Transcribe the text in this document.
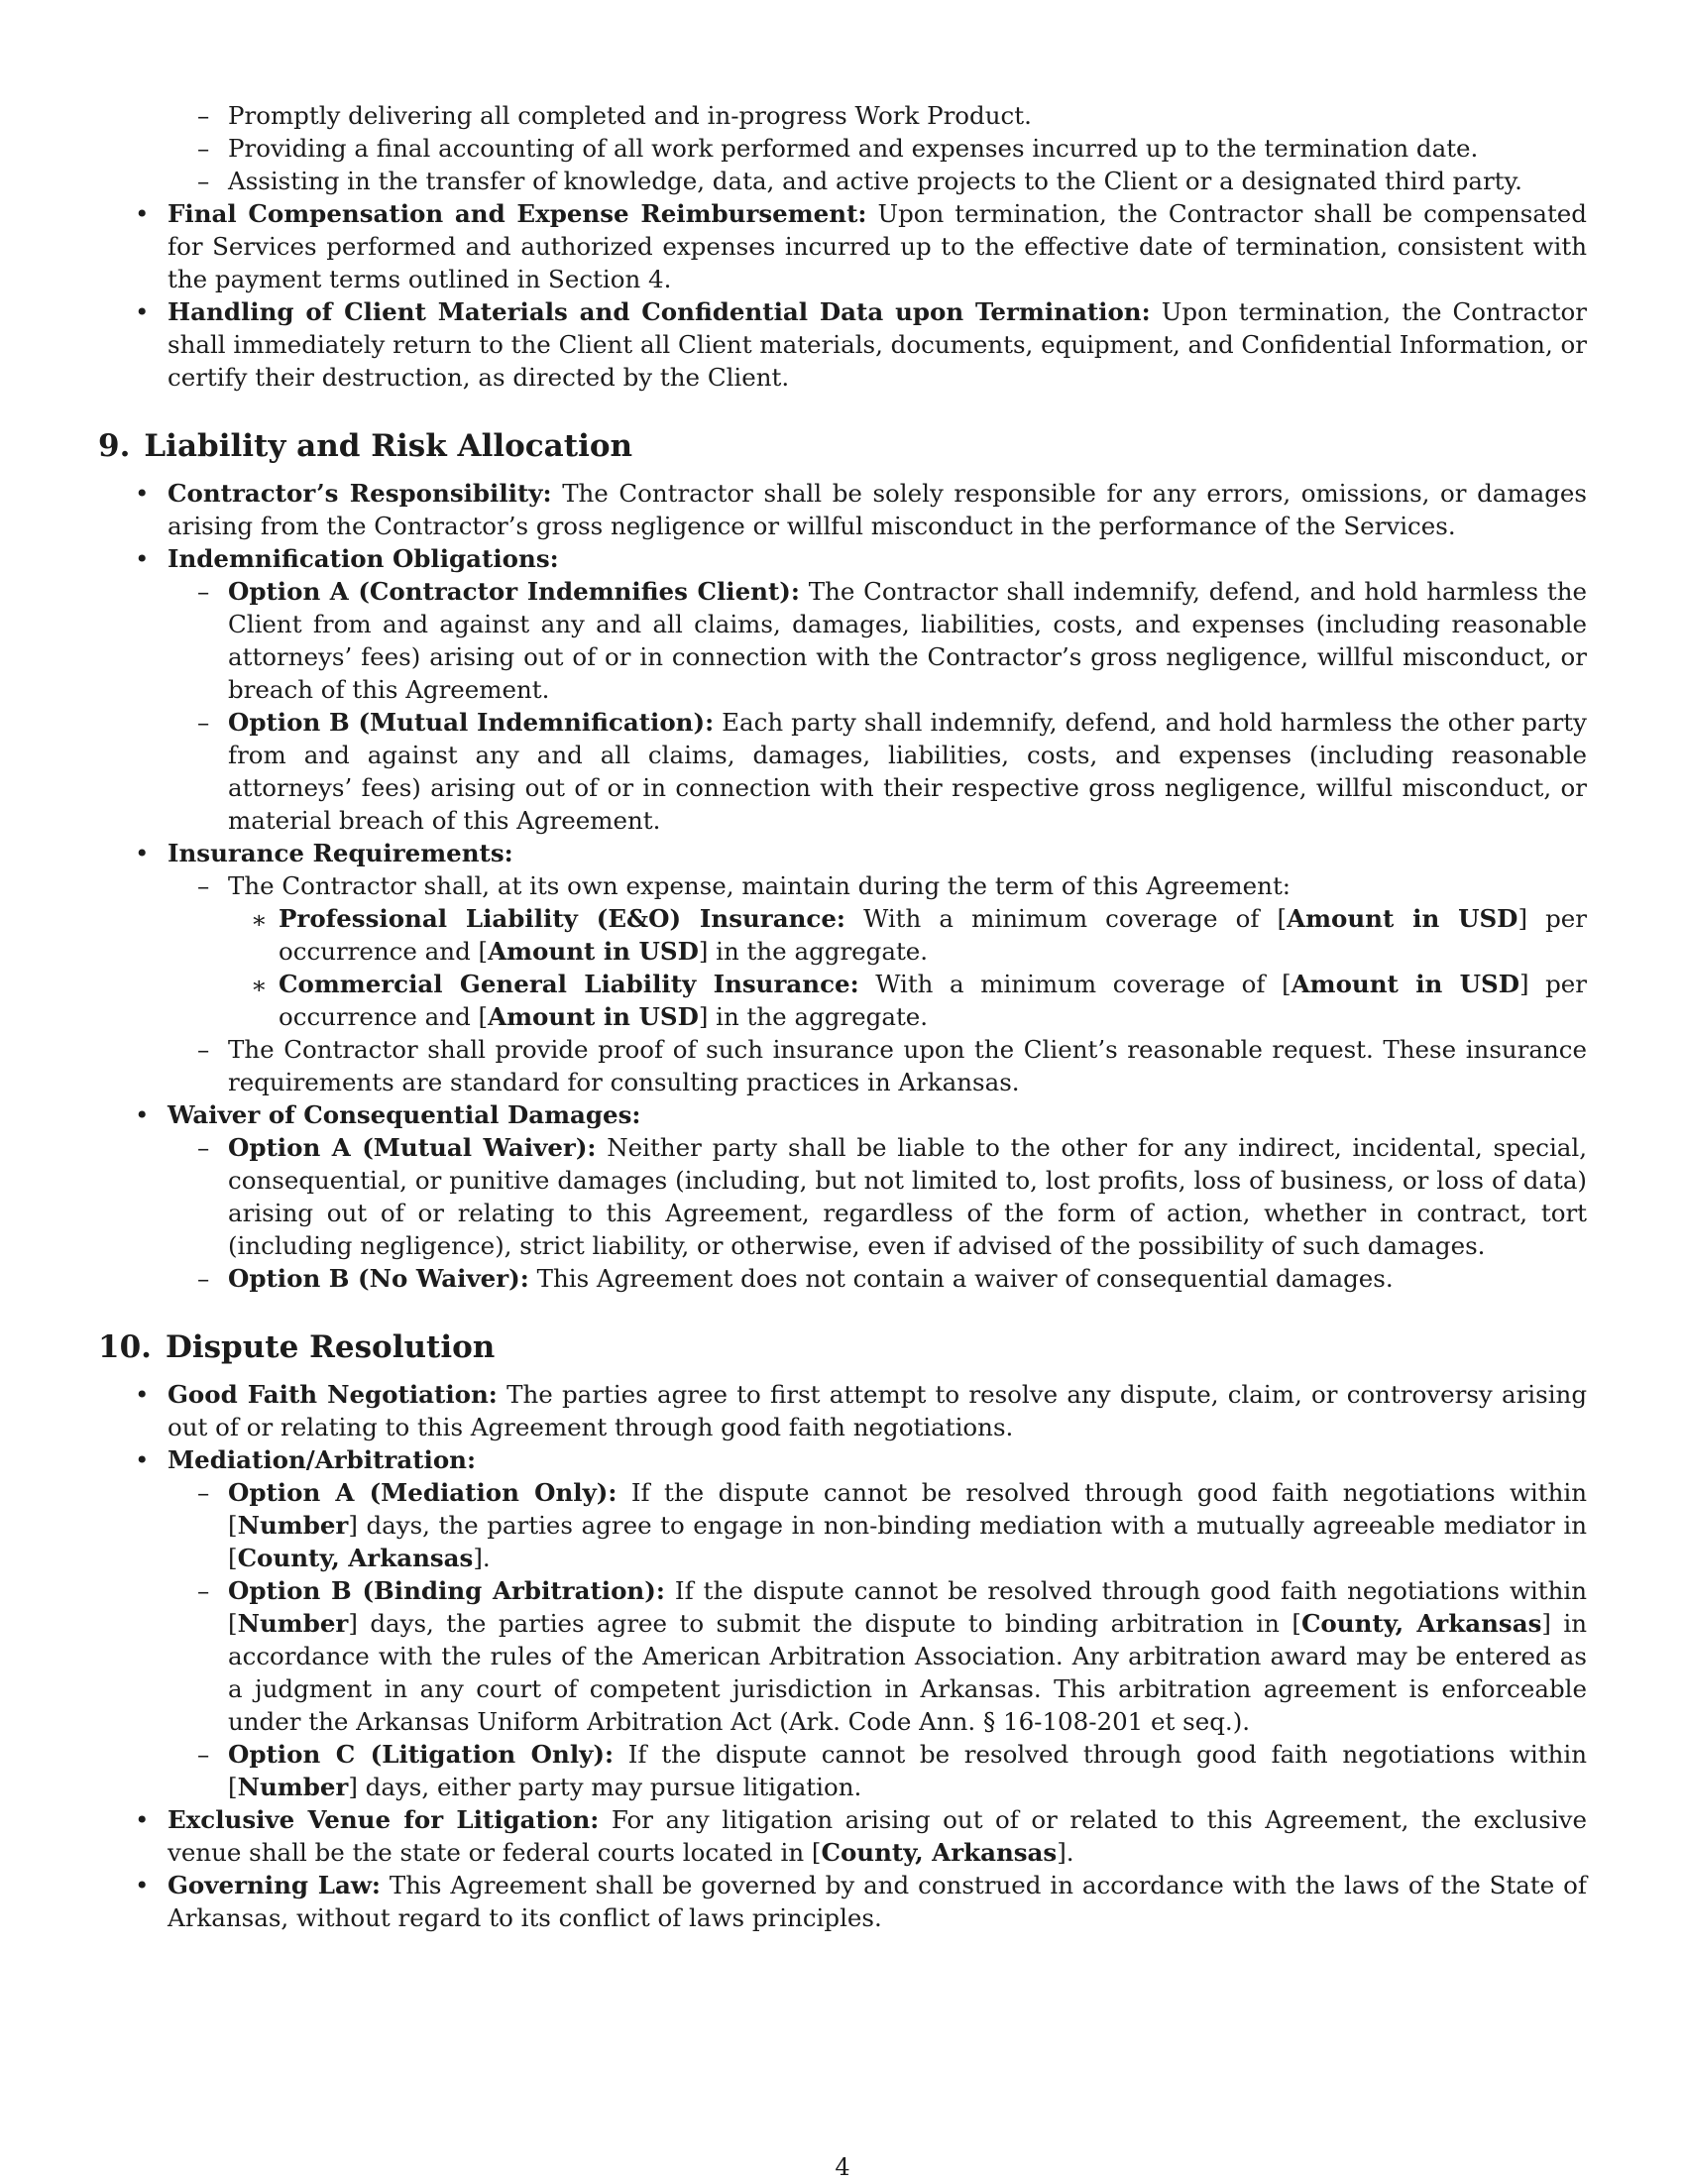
– Promptly delivering all completed and in-progress Work Product.
– Providing a final accounting of all work performed and expenses incurred up to the termination date.
– Assisting in the transfer of knowledge, data, and active projects to the Client or a designated third party.
• Final Compensation and Expense Reimbursement: Upon termination, the Contractor shall be compensated for Services performed and authorized expenses incurred up to the effective date of termination, consistent with the payment terms outlined in Section 4.
• Handling of Client Materials and Confidential Data upon Termination: Upon termination, the Contractor shall immediately return to the Client all Client materials, documents, equipment, and Confidential Information, or certify their destruction, as directed by the Client.
9. Liability and Risk Allocation
• Contractor’s Responsibility: The Contractor shall be solely responsible for any errors, omissions, or damages arising from the Contractor’s gross negligence or willful misconduct in the performance of the Services.
• Indemnification Obligations:
– Option A (Contractor Indemnifies Client): The Contractor shall indemnify, defend, and hold harmless the Client from and against any and all claims, damages, liabilities, costs, and expenses (including reasonable attorneys’ fees) arising out of or in connection with the Contractor’s gross negligence, willful misconduct, or breach of this Agreement.
– Option B (Mutual Indemnification): Each party shall indemnify, defend, and hold harmless the other party from and against any and all claims, damages, liabilities, costs, and expenses (including reasonable attorneys’ fees) arising out of or in connection with their respective gross negligence, willful misconduct, or material breach of this Agreement.
• Insurance Requirements:
– The Contractor shall, at its own expense, maintain during the term of this Agreement:
∗ Professional Liability (E&O) Insurance: With a minimum coverage of [Amount in USD] per occurrence and [Amount in USD] in the aggregate.
∗ Commercial General Liability Insurance: With a minimum coverage of [Amount in USD] per occurrence and [Amount in USD] in the aggregate.
– The Contractor shall provide proof of such insurance upon the Client’s reasonable request. These insurance requirements are standard for consulting practices in Arkansas.
• Waiver of Consequential Damages:
– Option A (Mutual Waiver): Neither party shall be liable to the other for any indirect, incidental, special, consequential, or punitive damages (including, but not limited to, lost profits, loss of business, or loss of data) arising out of or relating to this Agreement, regardless of the form of action, whether in contract, tort (including negligence), strict liability, or otherwise, even if advised of the possibility of such damages.
– Option B (No Waiver): This Agreement does not contain a waiver of consequential damages.
10. Dispute Resolution
• Good Faith Negotiation: The parties agree to first attempt to resolve any dispute, claim, or controversy arising out of or relating to this Agreement through good faith negotiations.
• Mediation/Arbitration:
– Option A (Mediation Only): If the dispute cannot be resolved through good faith negotiations within [Number] days, the parties agree to engage in non-binding mediation with a mutually agreeable mediator in [County, Arkansas].
– Option B (Binding Arbitration): If the dispute cannot be resolved through good faith negotiations within [Number] days, the parties agree to submit the dispute to binding arbitration in [County, Arkansas] in accordance with the rules of the American Arbitration Association. Any arbitration award may be entered as a judgment in any court of competent jurisdiction in Arkansas. This arbitration agreement is enforceable under the Arkansas Uniform Arbitration Act (Ark. Code Ann. § 16-108-201 et seq.).
– Option C (Litigation Only): If the dispute cannot be resolved through good faith negotiations within [Number] days, either party may pursue litigation.
• Exclusive Venue for Litigation: For any litigation arising out of or related to this Agreement, the exclusive venue shall be the state or federal courts located in [County, Arkansas].
• Governing Law: This Agreement shall be governed by and construed in accordance with the laws of the State of Arkansas, without regard to its conflict of laws principles.
4
